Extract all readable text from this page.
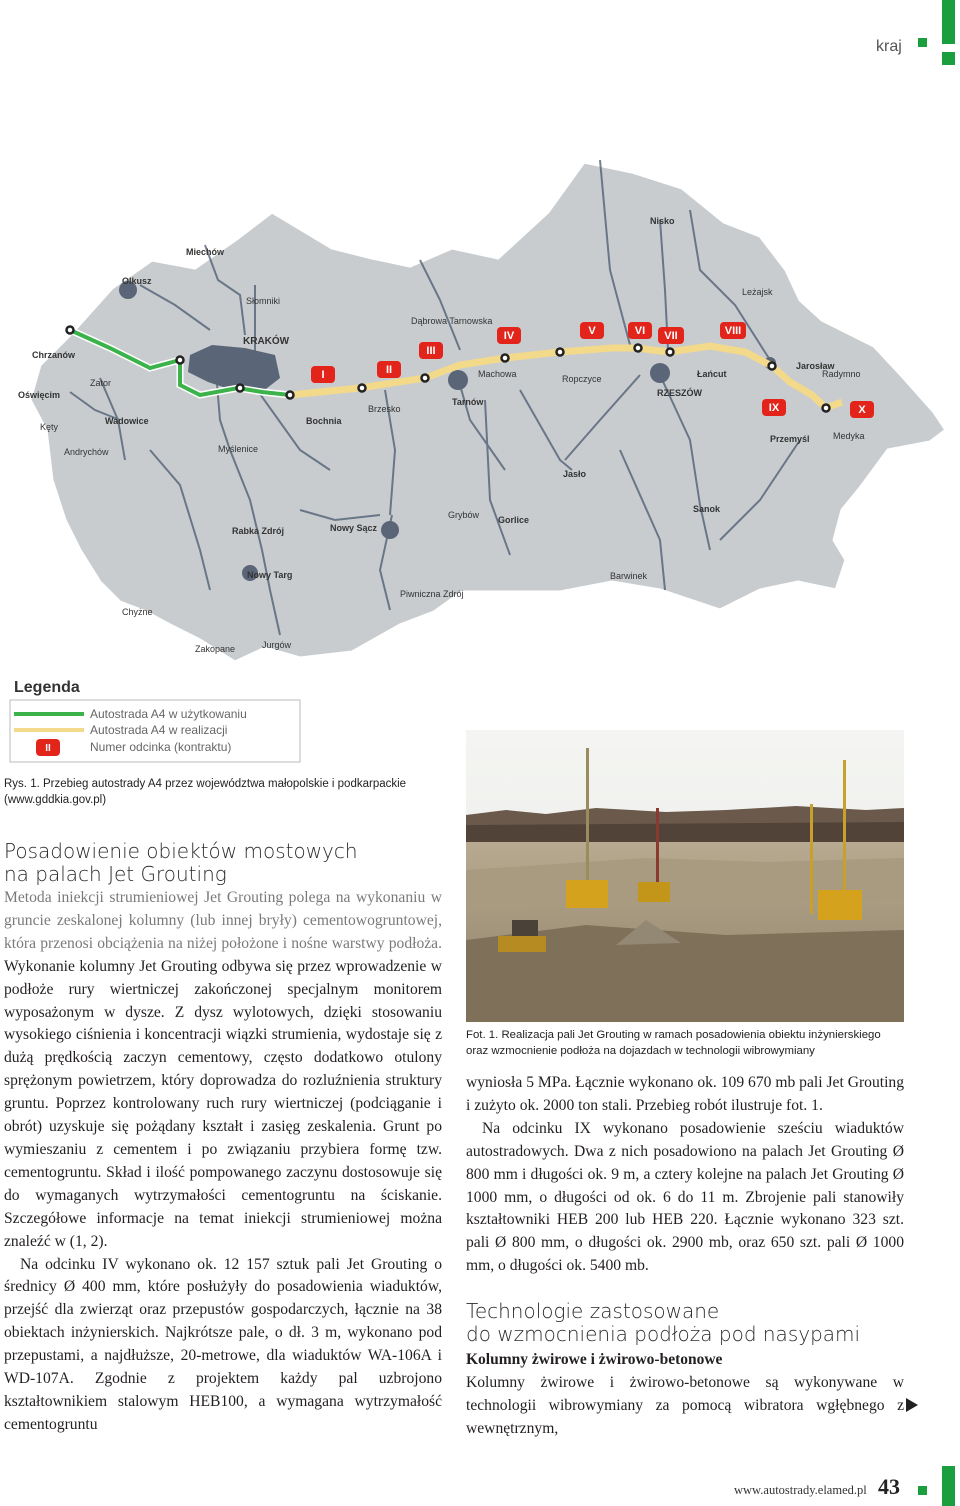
kraj
I	II
III
IV	V	VI VII	VIII
IX	X
Miechów
Olkusz
Słomniki
KRAKÓW
Chrzanów
Zator
Oświęcim
Wadowice
Kęty
Andrychów	Myślenice
Bochnia
Brzesko
Dąbrowa Tarnowska
Tarnów
Machowa	Ropczyce
RZESZÓW
Łańcut
Nisko
Leżajsk
Jarosław
Radymno
Przemyśl	Medyka
Jasło
Sanok
Barwinek
Gorlice
Grybów
Nowy Sącz
Rabka Zdrój
Nowy Targ
Chyżne
Zakopane	Jurgów
Piwniczna Zdrój
Legenda
II
Autostrada A4 w użytkowaniu
Autostrada A4 w realizacji
Numer odcinka (kontraktu)
Rys. 1. Przebieg autostrady A4 przez województwa małopolskie i podkarpackie (www.gddkia.gov.pl)
Fot. 1. Realizacja pali Jet Grouting w ramach posadowienia obiektu inżynierskiego oraz wzmocnienie podłoża na dojazdach w technologii wibrowymiany
Posadowienie obiektów mostowych
na palach Jet Grouting

Metoda iniekcji strumieniowej Jet Grouting polega na wykonaniu w gruncie zeskalonej kolumny (lub innej bryły) cementowogruntowej, która przenosi obciążenia na niżej położone i nośne warstwy podłoża. Wykonanie kolumny Jet Grouting odbywa się przez wprowadzenie w podłoże rury wiertniczej zakończonej specjalnym monitorem wyposażonym w dysze. Z dysz wylotowych, dzięki stosowaniu wysokiego ciśnienia i koncentracji wiązki strumienia, wydostaje się z dużą prędkością zaczyn cementowy, często dodatkowo otulony sprężonym powietrzem, który doprowadza do rozluźnienia struktury gruntu. Poprzez kontrolowany ruch rury wiertniczej (podciąganie i obrót) uzyskuje się pożądany kształt i zasięg zeskalenia. Grunt po wymieszaniu z cementem i po związaniu przybiera formę tzw. cementogruntu. Skład i ilość pompowanego zaczynu dostosowuje się do wymaganych wytrzymałości cementogruntu na ściskanie. Szczegółowe informacje na temat iniekcji strumieniowej można znaleźć w (1, 2).

Na odcinku IV wykonano ok. 12 157 sztuk pali Jet Grouting o średnicy Ø 400 mm, które posłużyły do posadowienia wiaduktów, przejść dla zwierząt oraz przepustów gospodarczych, łącznie na 38 obiektach inżynierskich. Najkrótsze pale, o dł. 3 m, wykonano pod przepustami, a najdłuższe, 20-metrowe, dla wiaduktów WA-106A i WD-107A. Zgodnie z projektem każdy pal uzbrojono kształtownikiem stalowym HEB100, a wymagana wytrzymałość cementogruntu

wyniosła 5 MPa. Łącznie wykonano ok. 109 670 mb pali Jet Grouting i zużyto ok. 2000 ton stali. Przebieg robót ilustruje fot. 1.

Na odcinku IX wykonano posadowienie sześciu wiaduktów autostradowych. Dwa z nich posadowiono na palach Jet Grouting Ø 800 mm i długości ok. 9 m, a cztery kolejne na palach Jet Grouting Ø 1000 mm, o długości od ok. 6 do 11 m. Zbrojenie pali stanowiły kształtowniki HEB 200 lub HEB 220. Łącznie wykonano 323 szt. pali Ø 800 mm, o długości ok. 2900 mb, oraz 650 szt. pali Ø 1000 mm, o długości ok. 5400 mb.

Technologie zastosowane
do wzmocnienia podłoża pod nasypami
Kolumny żwirowe i żwirowo-betonowe

Kolumny żwirowe i żwirowo-betonowe są wykonywane w technologii wibrowymiany za pomocą wibratora wgłębnego z wewnętrznym,

www.autostrady.elamed.pl 43
